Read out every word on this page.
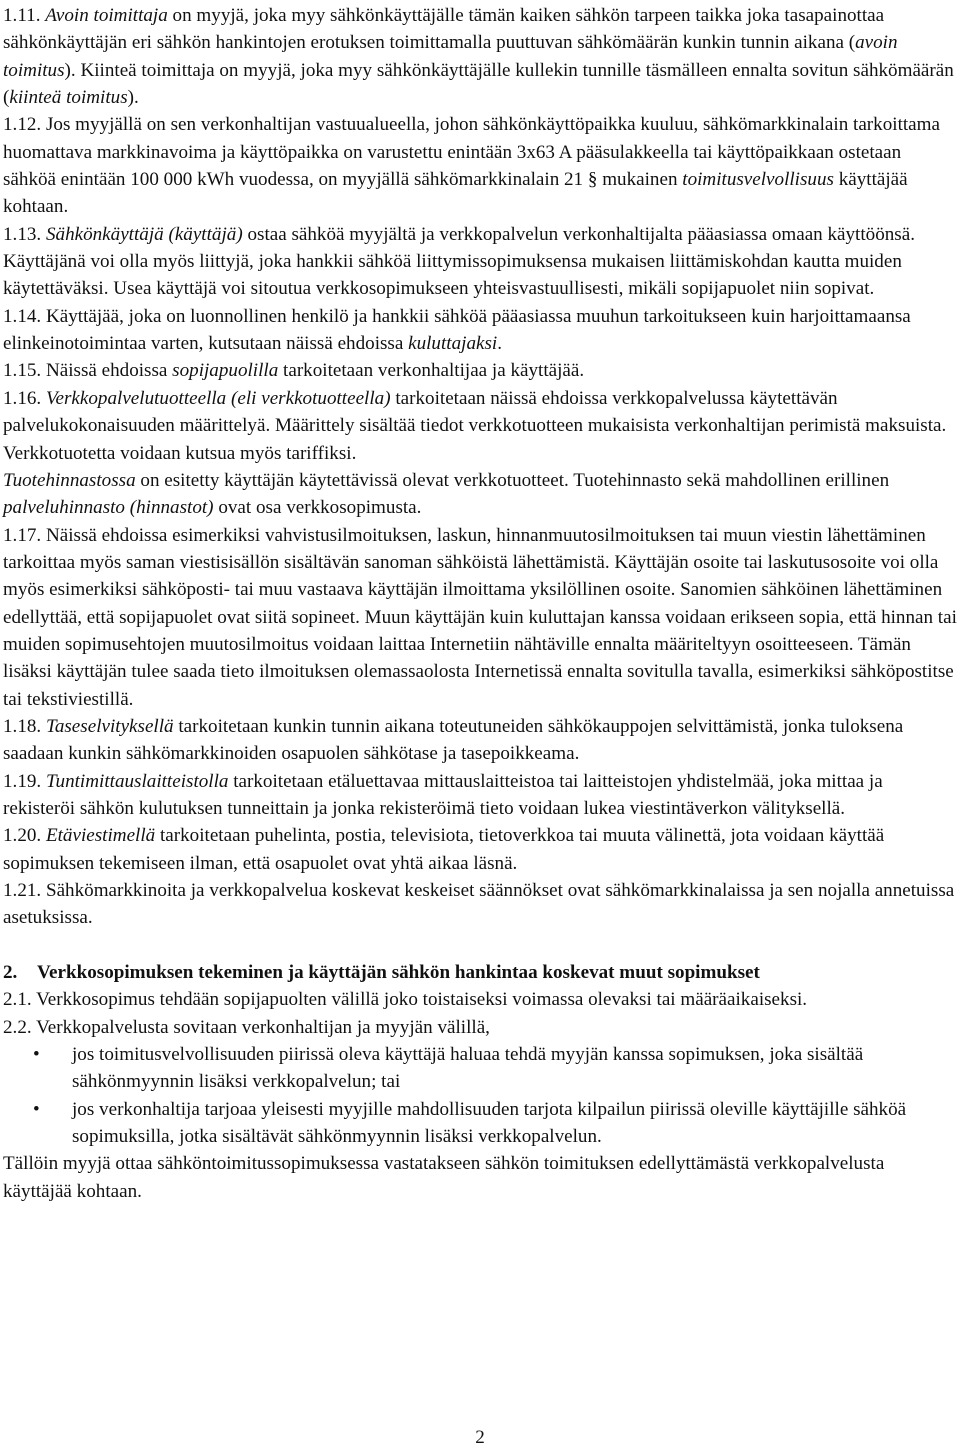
1.11. Avoin toimittaja on myyjä, joka myy sähkönkäyttäjälle tämän kaiken sähkön tarpeen taikka joka tasapainottaa sähkönkäyttäjän eri sähkön hankintojen erotuksen toimittamalla puuttuvan sähkömäärän kunkin tunnin aikana (avoin toimitus). Kiinteä toimittaja on myyjä, joka myy sähkönkäyttäjälle kullekin tunnille täsmälleen ennalta sovitun sähkömäärän (kiinteä toimitus).

1.12. Jos myyjällä on sen verkonhaltijan vastuualueella, johon sähkönkäyttöpaikka kuuluu, sähkömarkkinalain tarkoittama huomattava markkinavoima ja käyttöpaikka on varustettu enintään 3x63 A pääsulakkeella tai käyttöpaikkaan ostetaan sähköä enintään 100 000 kWh vuodessa, on myyjällä sähkömarkkinalain 21 § mukainen toimitusvelvollisuus käyttäjää kohtaan.

1.13. Sähkönkäyttäjä (käyttäjä) ostaa sähköä myyjältä ja verkkopalvelun verkonhaltijalta pääasiassa omaan käyttöönsä. Käyttäjänä voi olla myös liittyjä, joka hankkii sähköä liittymissopimuksensa mukaisen liittämiskohdan kautta muiden käytettäväksi. Usea käyttäjä voi sitoutua verkkosopimukseen yhteisvastuullisesti, mikäli sopijapuolet niin sopivat.

1.14. Käyttäjää, joka on luonnollinen henkilö ja hankkii sähköä pääasiassa muuhun tarkoitukseen kuin harjoittamaansa elinkeinotoimintaa varten, kutsutaan näissä ehdoissa kuluttajaksi.

1.15. Näissä ehdoissa sopijapuolilla tarkoitetaan verkonhaltijaa ja käyttäjää.

1.16. Verkkopalvelutuotteella (eli verkkotuotteella) tarkoitetaan näissä ehdoissa verkkopalvelussa käytettävän palvelukokonaisuuden määrittelyä. Määrittely sisältää tiedot verkkotuotteen mukaisista verkonhaltijan perimistä maksuista. Verkkotuotetta voidaan kutsua myös tariffiksi.

Tuotehinnastossa on esitetty käyttäjän käytettävissä olevat verkkotuotteet. Tuotehinnasto sekä mahdollinen erillinen palveluhinnasto (hinnastot) ovat osa verkkosopimusta.

1.17. Näissä ehdoissa esimerkiksi vahvistusilmoituksen, laskun, hinnanmuutosilmoituksen tai muun viestin lähettäminen tarkoittaa myös saman viestisisällön sisältävän sanoman sähköistä lähettämistä. Käyttäjän osoite tai laskutusosoite voi olla myös esimerkiksi sähköposti- tai muu vastaava käyttäjän ilmoittama yksilöllinen osoite. Sanomien sähköinen lähettäminen edellyttää, että sopijapuolet ovat siitä sopineet. Muun käyttäjän kuin kuluttajan kanssa voidaan erikseen sopia, että hinnan tai muiden sopimusehtojen muutosilmoitus voidaan laittaa Internetiin nähtäville ennalta määriteltyyn osoitteeseen. Tämän lisäksi käyttäjän tulee saada tieto ilmoituksen olemassaolosta Internetissä ennalta sovitulla tavalla, esimerkiksi sähköpostitse tai tekstiviestillä.

1.18. Taseselvityksellä tarkoitetaan kunkin tunnin aikana toteutuneiden sähkökauppojen selvittämistä, jonka tuloksena saadaan kunkin sähkömarkkinoiden osapuolen sähkötase ja tasepoikkeama.

1.19. Tuntimittauslaitteistolla tarkoitetaan etäluettavaa mittauslaitteistoa tai laitteistojen yhdistelmää, joka mittaa ja rekisteröi sähkön kulutuksen tunneittain ja jonka rekisteröimä tieto voidaan lukea viestintäverkon välityksellä.

1.20. Etäviestimellä tarkoitetaan puhelinta, postia, televisiota, tietoverkkoa tai muuta välinettä, jota voidaan käyttää sopimuksen tekemiseen ilman, että osapuolet ovat yhtä aikaa läsnä.

1.21. Sähkömarkkinoita ja verkkopalvelua koskevat keskeiset säännökset ovat sähkömarkkinalaissa ja sen nojalla annetuissa asetuksissa.

2. Verkkosopimuksen tekeminen ja käyttäjän sähkön hankintaa koskevat muut sopimukset

2.1. Verkkosopimus tehdään sopijapuolten välillä joko toistaiseksi voimassa olevaksi tai määräaikaiseksi.

2.2. Verkkopalvelusta sovitaan verkonhaltijan ja myyjän välillä,

• jos toimitusvelvollisuuden piirissä oleva käyttäjä haluaa tehdä myyjän kanssa sopimuksen, joka sisältää sähkönmyynnin lisäksi verkkopalvelun; tai
• jos verkonhaltija tarjoaa yleisesti myyjille mahdollisuuden tarjota kilpailun piirissä oleville käyttäjille sähköä sopimuksilla, jotka sisältävät sähkönmyynnin lisäksi verkkopalvelun.

Tällöin myyjä ottaa sähköntoimitussopimuksessa vastatakseen sähkön toimituksen edellyttämästä verkkopalvelusta käyttäjää kohtaan.

2
